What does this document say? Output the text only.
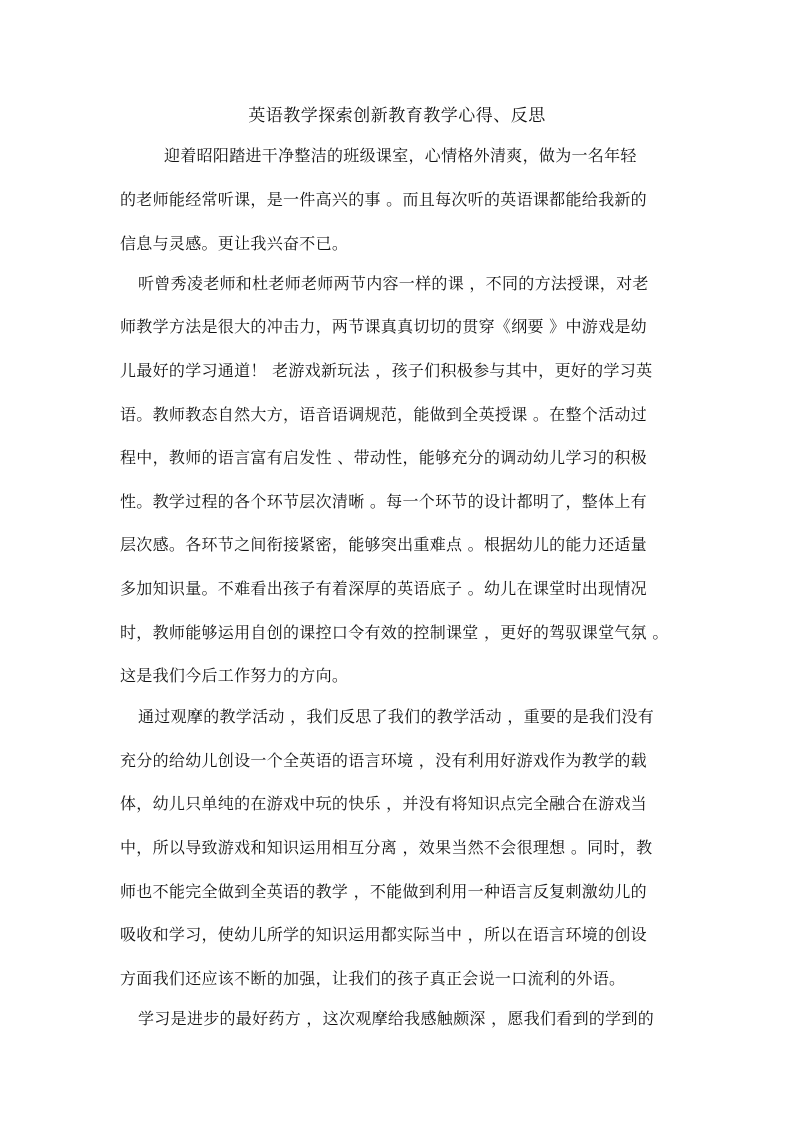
英语教学探索创新教育教学心得、反思
迎着昭阳踏进干净整洁的班级课室，心情格外清爽，做为一名年轻
的老师能经常听课，是一件高兴的事 。而且每次听的英语课都能给我新的
信息与灵感。更让我兴奋不已。
听曾秀凌老师和杜老师老师两节内容一样的课 ，不同的方法授课，对老
师教学方法是很大的冲击力，两节课真真切切的贯穿《纲要 》中游戏是幼
儿最好的学习通道！ 老游戏新玩法 ，孩子们积极参与其中，更好的学习英
语。教师教态自然大方，语音语调规范，能做到全英授课 。在整个活动过
程中，教师的语言富有启发性 、带动性，能够充分的调动幼儿学习的积极
性。教学过程的各个环节层次清晰 。每一个环节的设计都明了，整体上有
层次感。各环节之间衔接紧密，能够突出重难点 。根据幼儿的能力还适量
多加知识量。不难看出孩子有着深厚的英语底子 。幼儿在课堂时出现情况
时，教师能够运用自创的课控口令有效的控制课堂 ，更好的驾驭课堂气氛 。
这是我们今后工作努力的方向。
通过观摩的教学活动 ，我们反思了我们的教学活动 ，重要的是我们没有
充分的给幼儿创设一个全英语的语言环境 ，没有利用好游戏作为教学的载
体，幼儿只单纯的在游戏中玩的快乐 ，并没有将知识点完全融合在游戏当
中，所以导致游戏和知识运用相互分离 ，效果当然不会很理想 。同时，教
师也不能完全做到全英语的教学 ，不能做到利用一种语言反复刺激幼儿的
吸收和学习，使幼儿所学的知识运用都实际当中 ，所以在语言环境的创设
方面我们还应该不断的加强，让我们的孩子真正会说一口流利的外语。
学习是进步的最好药方 ，这次观摩给我感触颇深 ，愿我们看到的学到的
